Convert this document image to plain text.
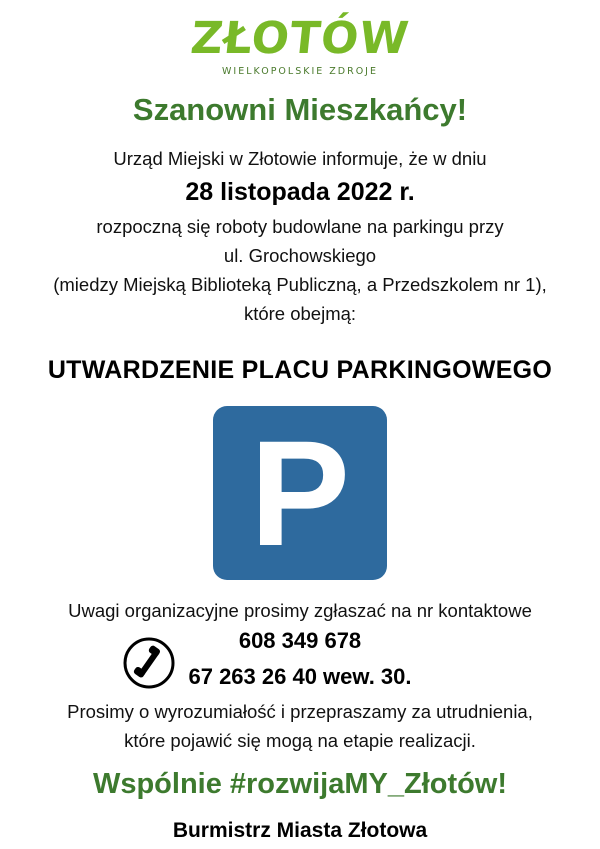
ZŁOTÓW
WIELKOPOLSKIE ZDROJE
Szanowni Mieszkańcy!
Urząd Miejski w Złotowie informuje, że w dniu
28 listopada 2022 r.
rozpoczną się roboty budowlane na parkingu przy
ul. Grochowskiego
(miedzy Miejską Biblioteką Publiczną, a Przedszkolem nr 1),
które obejmą:
UTWARDZENIE PLACU PARKINGOWEGO
P
Uwagi organizacyjne prosimy zgłaszać na nr kontaktowe
608 349 678
67 263 26 40 wew. 30.
Prosimy o wyrozumiałość i przepraszamy za utrudnienia,
które pojawić się mogą na etapie realizacji.
Wspólnie #rozwijaMY_Złotów!
Burmistrz Miasta Złotowa
